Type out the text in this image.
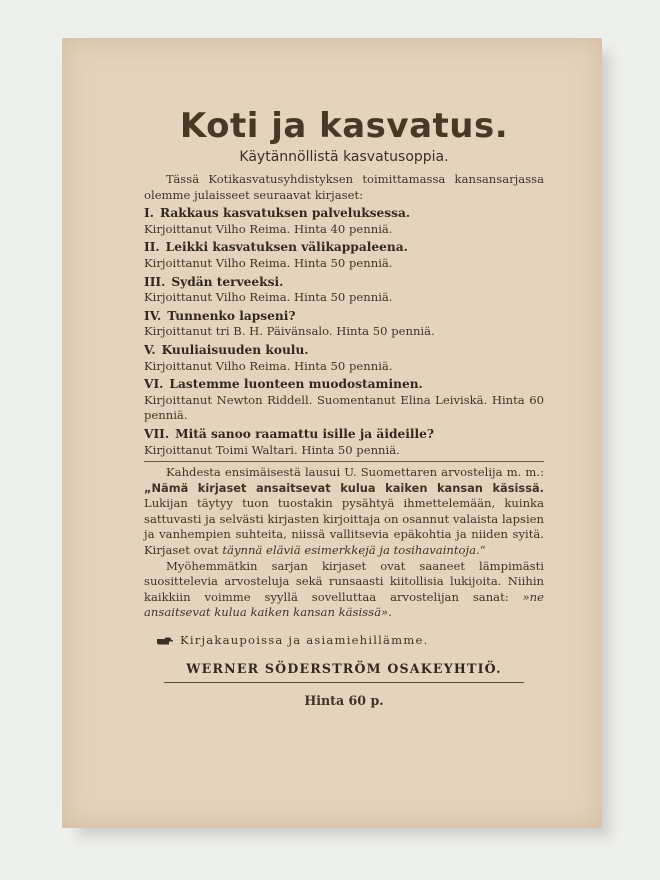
Koti ja kasvatus.
Käytännöllistä kasvatusoppia.

Tässä Kotikasvatusyhdistyksen toimittamassa kansansarjassa olemme julaisseet seuraavat kirjaset:

I. Rakkaus kasvatuksen palveluksessa.

Kirjoittanut Vilho Reima. Hinta 40 penniä.

II. Leikki kasvatuksen välikappaleena.

Kirjoittanut Vilho Reima. Hinta 50 penniä.

III. Sydän terveeksi.

Kirjoittanut Vilho Reima. Hinta 50 penniä.

IV. Tunnenko lapseni?

Kirjoittanut tri B. H. Päivänsalo. Hinta 50 penniä.

V. Kuuliaisuuden koulu.

Kirjoittanut Vilho Reima. Hinta 50 penniä.

VI. Lastemme luonteen muodostaminen.

Kirjoittanut Newton Riddell. Suomentanut Elina Leiviskä. Hinta 60 penniä.

VII. Mitä sanoo raamattu isille ja äideille?

Kirjoittanut Toimi Waltari. Hinta 50 penniä.

Kahdesta ensimäisestä lausui U. Suomettaren arvostelija m. m.: „Nämä kirjaset ansaitsevat kulua kaiken kansan käsissä. Lukijan täytyy tuon tuostakin pysähtyä ihmettelemään, kuinka sattuvasti ja selvästi kirjasten kirjoittaja on osannut valaista lapsien ja vanhempien suhteita, niissä vallitsevia epäkohtia ja niiden syitä. Kirjaset ovat täynnä eläviä esimerkkejä ja tosihavaintoja.“

Myöhemmätkin sarjan kirjaset ovat saaneet lämpimästi suosittelevia arvosteluja sekä runsaasti kiitollisia lukijoita. Niihin kaikkiin voimme syyllä sovelluttaa arvostelijan sanat: »ne ansaitsevat kulua kaiken kansan käsissä».

Kirjakaupoissa ja asiamiehillämme.
WERNER SÖDERSTRÖM OSAKEYHTIÖ.
Hinta 60 p.
